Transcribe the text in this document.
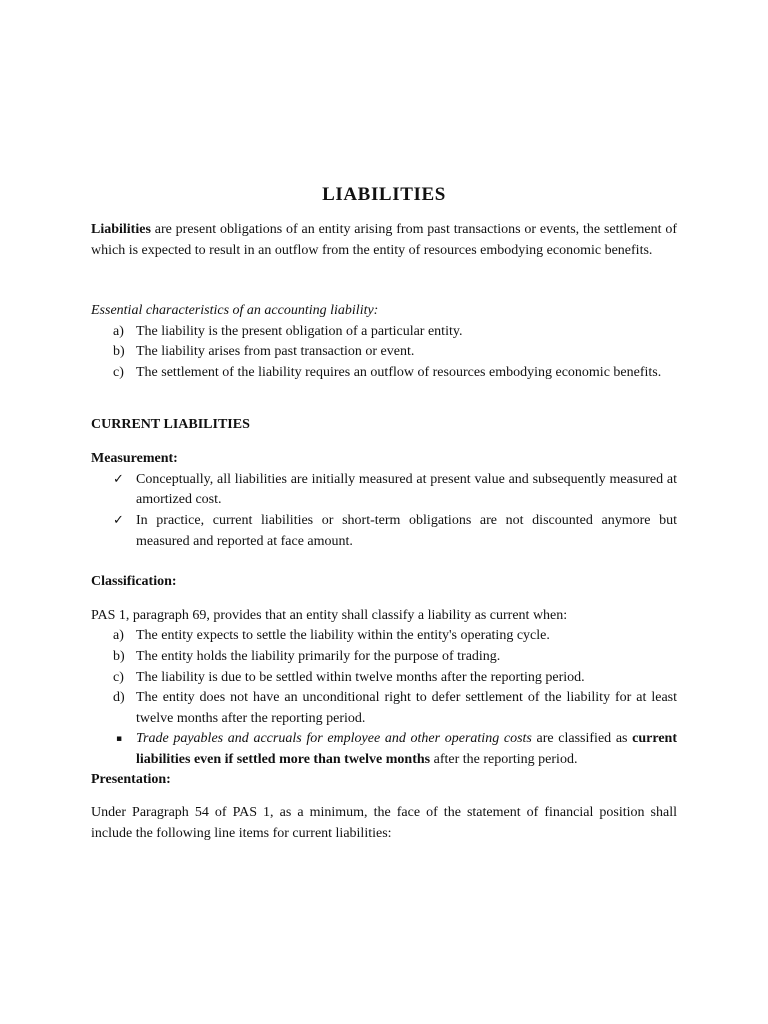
LIABILITIES

Liabilities are present obligations of an entity arising from past transactions or events, the settlement of which is expected to result in an outflow from the entity of resources embodying economic benefits.

Essential characteristics of an accounting liability:

a) The liability is the present obligation of a particular entity.
b) The liability arises from past transaction or event.
c) The settlement of the liability requires an outflow of resources embodying economic benefits.

CURRENT LIABILITIES

Measurement:

✓ Conceptually, all liabilities are initially measured at present value and subsequently measured at amortized cost.
✓ In practice, current liabilities or short-term obligations are not discounted anymore but measured and reported at face amount.

Classification:

PAS 1, paragraph 69, provides that an entity shall classify a liability as current when:

a) The entity expects to settle the liability within the entity's operating cycle.
b) The entity holds the liability primarily for the purpose of trading.
c) The liability is due to be settled within twelve months after the reporting period.
d) The entity does not have an unconditional right to defer settlement of the liability for at least    twelve months after the reporting period.
▪ Trade payables and accruals for employee and other operating costs are classified as current liabilities even if settled more than twelve months after the reporting period.

Presentation:

Under Paragraph 54 of PAS 1, as a minimum, the face of the statement of financial position shall include the following line items for current liabilities:
